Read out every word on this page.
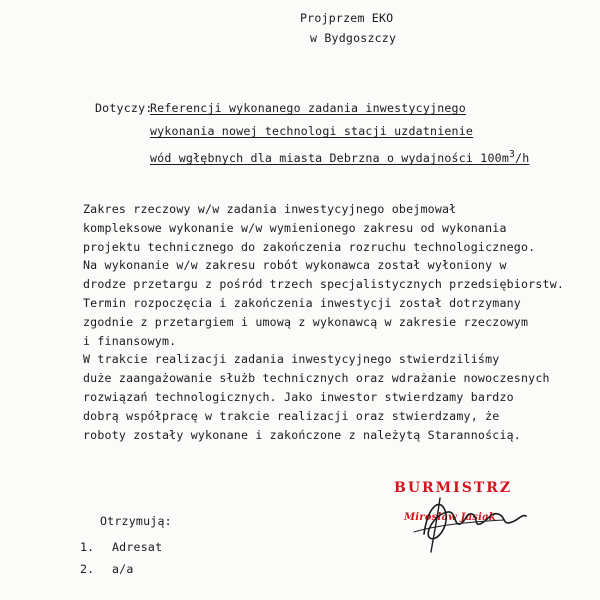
Projprzem EKO
w Bydgoszczy
Dotyczy:
Referencji wykonanego zadania inwestycyjnego
wykonania nowej technologi stacji uzdatnienie
wód wgłębnych dla miasta Debrzna o wydajności $100m^3/h$
Zakres rzeczowy w/w zadania inwestycyjnego obejmował
kompleksowe wykonanie w/w wymienionego zakresu od wykonania
projektu technicznego do zakończenia rozruchu technologicznego.
Na wykonanie w/w zakresu robót wykonawca został wyłoniony w
drodze przetargu z pośród trzech specjalistycznych przedsiębiorstw.
Termin rozpoczęcia i zakończenia inwestycji został dotrzymany
zgodnie z przetargiem i umową z wykonawcą w zakresie rzeczowym
i finansowym.
W trakcie realizacji zadania inwestycyjnego stwierdziliśmy
duże zaangażowanie służb technicznych oraz wdrażanie nowoczesnych
rozwiązań technologicznych. Jako inwestor stwierdzamy bardzo
dobrą współpracę w trakcie realizacji oraz stwierdzamy, że
roboty zostały wykonane i zakończone z należytą Starannością.
BURMISTRZ
Mirosław Jasiak
Otrzymują:
1. Adresat
2. a/a
